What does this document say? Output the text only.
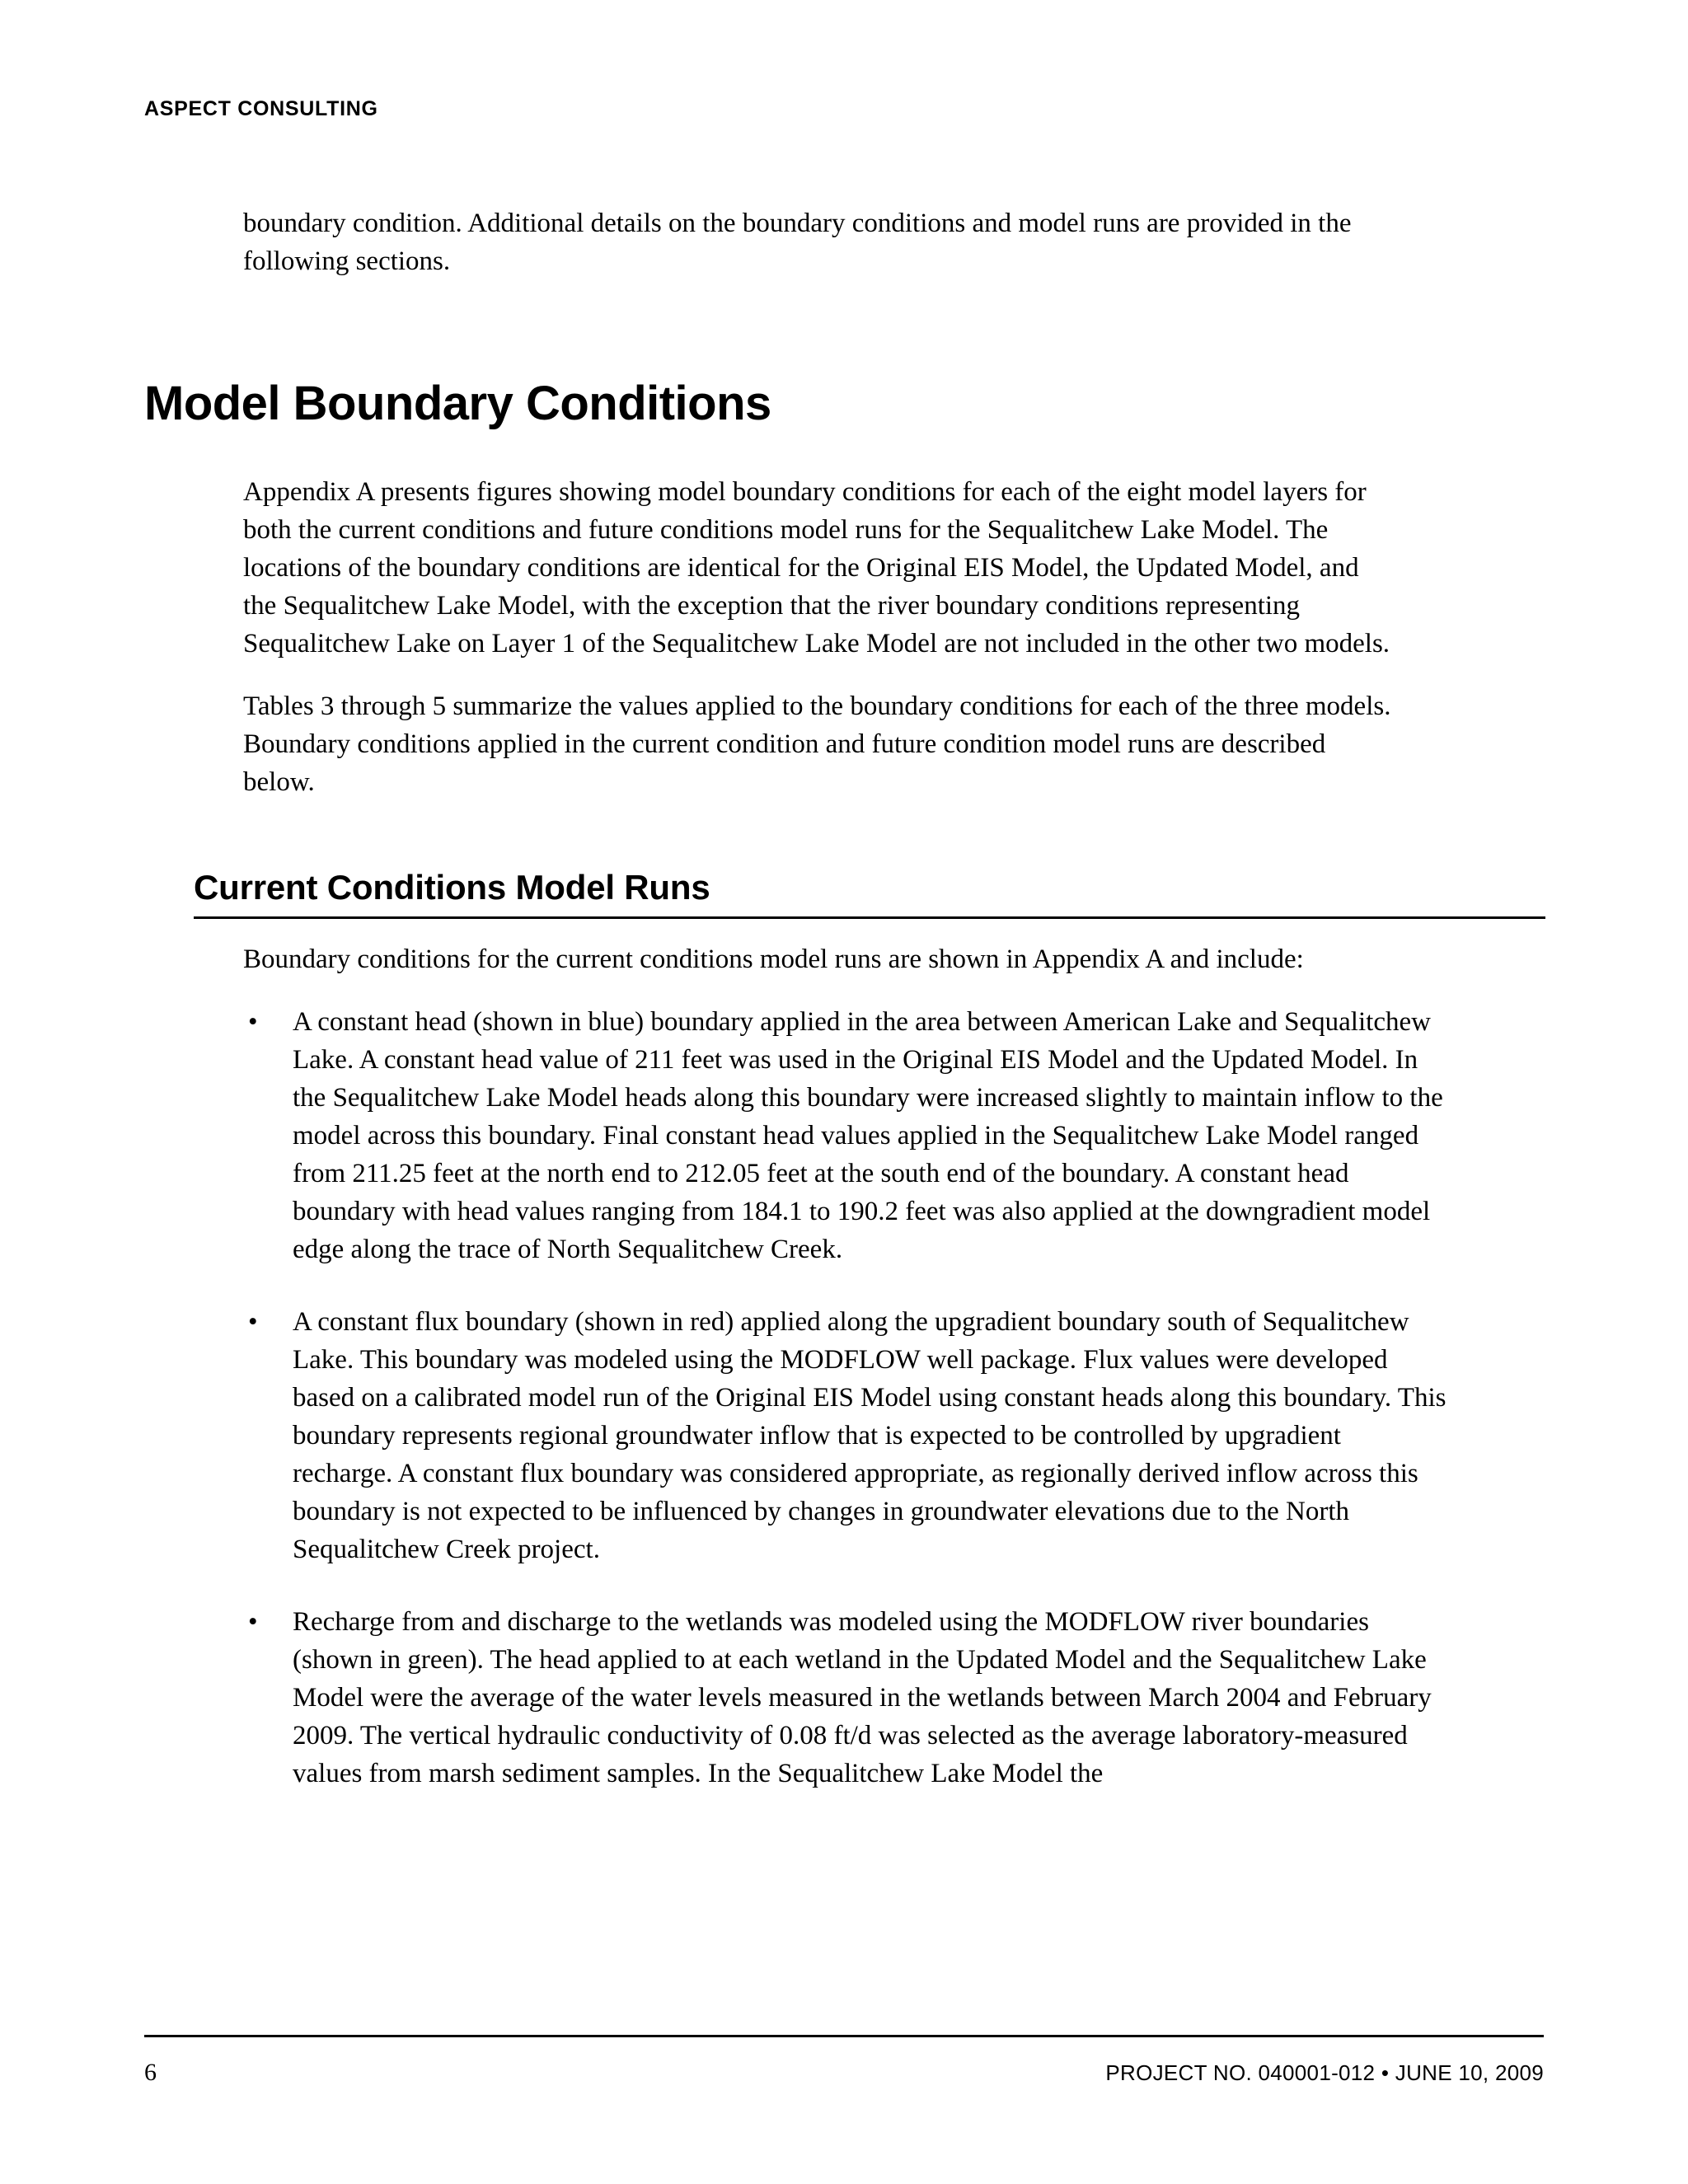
ASPECT CONSULTING

boundary condition. Additional details on the boundary conditions and model runs are provided in the following sections.

Model Boundary Conditions

Appendix A presents figures showing model boundary conditions for each of the eight model layers for both the current conditions and future conditions model runs for the Sequalitchew Lake Model. The locations of the boundary conditions are identical for the Original EIS Model, the Updated Model, and the Sequalitchew Lake Model, with the exception that the river boundary conditions representing Sequalitchew Lake on Layer 1 of the Sequalitchew Lake Model are not included in the other two models.

Tables 3 through 5 summarize the values applied to the boundary conditions for each of the three models. Boundary conditions applied in the current condition and future condition model runs are described below.

Current Conditions Model Runs

Boundary conditions for the current conditions model runs are shown in Appendix A and include:

• A constant head (shown in blue) boundary applied in the area between American Lake and Sequalitchew Lake. A constant head value of 211 feet was used in the Original EIS Model and the Updated Model. In the Sequalitchew Lake Model heads along this boundary were increased slightly to maintain inflow to the model across this boundary. Final constant head values applied in the Sequalitchew Lake Model ranged from 211.25 feet at the north end to 212.05 feet at the south end of the boundary. A constant head boundary with head values ranging from 184.1 to 190.2 feet was also applied at the downgradient model edge along the trace of North Sequalitchew Creek.
• A constant flux boundary (shown in red) applied along the upgradient boundary south of Sequalitchew Lake. This boundary was modeled using the MODFLOW well package. Flux values were developed based on a calibrated model run of the Original EIS Model using constant heads along this boundary. This boundary represents regional groundwater inflow that is expected to be controlled by upgradient recharge. A constant flux boundary was considered appropriate, as regionally derived inflow across this boundary is not expected to be influenced by changes in groundwater elevations due to the North Sequalitchew Creek project.
• Recharge from and discharge to the wetlands was modeled using the MODFLOW river boundaries (shown in green). The head applied to at each wetland in the Updated Model and the Sequalitchew Lake Model were the average of the water levels measured in the wetlands between March 2004 and February 2009. The vertical hydraulic conductivity of 0.08 ft/d was selected as the average laboratory-measured values from marsh sediment samples. In the Sequalitchew Lake Model the
6	PROJECT NO. 040001-012 • JUNE 10, 2009
